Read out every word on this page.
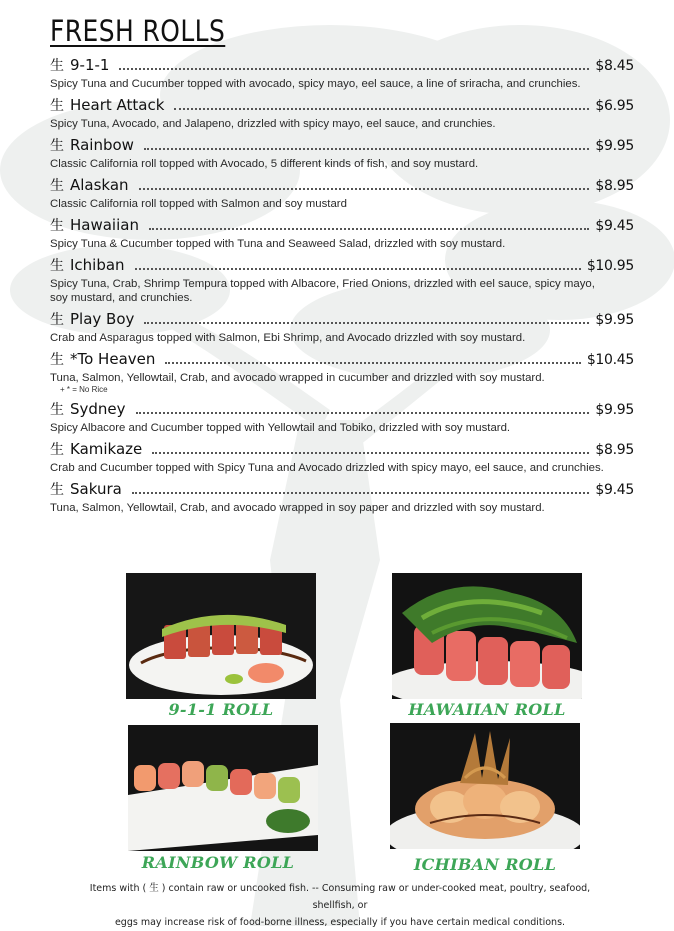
FRESH ROLLS
生 9-1-1	$8.45
Spicy Tuna and Cucumber topped with avocado, spicy mayo, eel sauce, a line of sriracha, and crunchies.
生 Heart Attack	$6.95
Spicy Tuna, Avocado, and Jalapeno, drizzled with spicy mayo, eel sauce, and crunchies.
生 Rainbow	$9.95
Classic California roll topped with Avocado, 5 different kinds of fish, and soy mustard.
生 Alaskan	$8.95
Classic California roll topped with Salmon and soy mustard
生 Hawaiian	$9.45
Spicy Tuna & Cucumber topped with Tuna and Seaweed Salad, drizzled with soy mustard.
生 Ichiban	$10.95
Spicy Tuna, Crab, Shrimp Tempura topped with Albacore, Fried Onions, drizzled with eel sauce, spicy mayo, soy mustard, and crunchies.
生 Play Boy	$9.95
Crab and Asparagus topped with Salmon, Ebi Shrimp, and Avocado drizzled with soy mustard.
生 *To Heaven	$10.45
Tuna, Salmon, Yellowtail, Crab, and avocado wrapped in cucumber and drizzled with soy mustard.
+ * = No Rice
生 Sydney	$9.95
Spicy Albacore and Cucumber topped with Yellowtail and Tobiko, drizzled with soy mustard.
生 Kamikaze	$8.95
Crab and Cucumber topped with Spicy Tuna and Avocado drizzled with spicy mayo, eel sauce, and crunchies.
生 Sakura	$9.45
Tuna, Salmon, Yellowtail, Crab, and avocado wrapped in soy paper and drizzled with soy mustard.
9-1-1 ROLL	HAWAIIAN ROLL
RAINBOW ROLL	ICHIBAN ROLL
Items with ( 生 ) contain raw or uncooked fish. -- Consuming raw or under-cooked meat, poultry, seafood, shellfish, or
eggs may increase risk of food-borne illness, especially if you have certain medical conditions.
